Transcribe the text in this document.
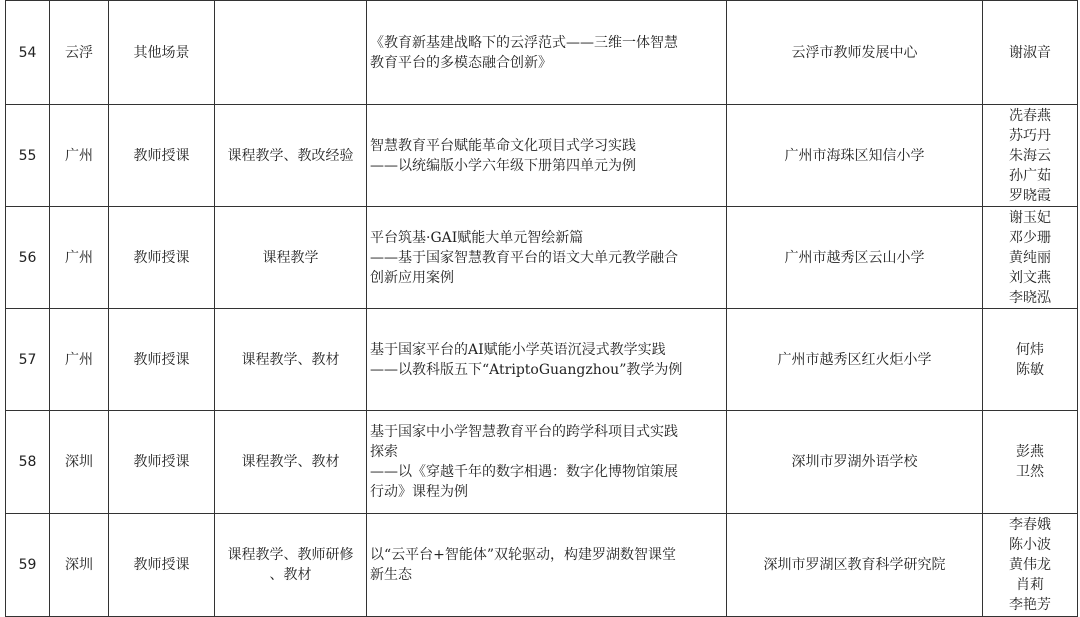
54	云浮	其他场景		《教育新基建战略下的云浮范式——三维一体智慧
教育平台的多模态融合创新》	云浮市教师发展中心	谢淑音

55	广州	教师授课	课程教学、教改经验	智慧教育平台赋能革命文化项目式学习实践
——以统编版小学六年级下册第四单元为例	广州市海珠区知信小学	冼春燕
苏巧丹
朱海云
孙广茹
罗晓霞

56	广州	教师授课	课程教学	平台筑基·GAI赋能大单元智绘新篇
——基于国家智慧教育平台的语文大单元教学融合
创新应用案例	广州市越秀区云山小学	谢玉妃
邓少珊
黄纯丽
刘文燕
李晓泓

57	广州	教师授课	课程教学、教材	基于国家平台的AI赋能小学英语沉浸式教学实践
——以教科版五下“AtriptoGuangzhou”教学为例	广州市越秀区红火炬小学	何炜
陈敏

58	深圳	教师授课	课程教学、教材	基于国家中小学智慧教育平台的跨学科项目式实践
探索
——以《穿越千年的数字相遇：数字化博物馆策展
行动》课程为例	深圳市罗湖外语学校	彭燕
卫然

59	深圳	教师授课	课程教学、教师研修
、教材	以“云平台+智能体”双轮驱动，构建罗湖数智课堂
新生态	深圳市罗湖区教育科学研究院	李春娥
陈小波
黄伟龙
肖莉
李艳芳
